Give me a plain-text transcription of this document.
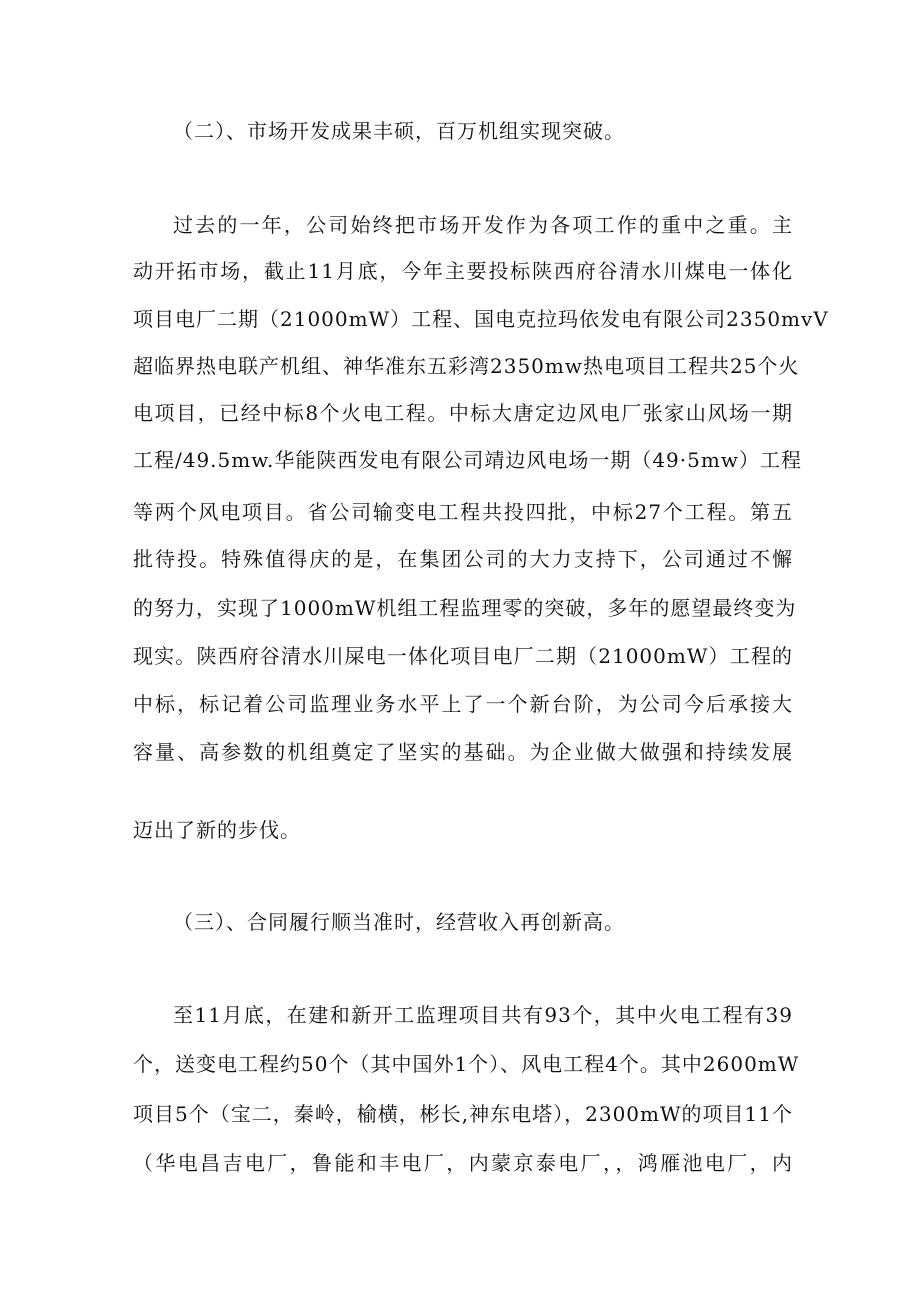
（二）、市场开发成果丰硕，百万机组实现突破。
过去的一年，公司始终把市场开发作为各项工作的重中之重。主
动开拓市场，截止11月底，今年主要投标陕西府谷清水川煤电一体化
项目电厂二期（21000mW）工程、国电克拉玛依发电有限公司2350mvV
超临界热电联产机组、神华准东五彩湾2350mw热电项目工程共25个火
电项目，已经中标8个火电工程。中标大唐定边风电厂张家山风场一期
工程/49.5mw.华能陕西发电有限公司靖边风电场一期（49·5mw）工程
等两个风电项目。省公司输变电工程共投四批，中标27个工程。第五
批待投。特殊值得庆的是，在集团公司的大力支持下，公司通过不懈
的努力，实现了1000mW机组工程监理零的突破，多年的愿望最终变为
现实。陕西府谷清水川屎电一体化项目电厂二期（21000mW）工程的
中标，标记着公司监理业务水平上了一个新台阶，为公司今后承接大
容量、高参数的机组奠定了坚实的基础。为企业做大做强和持续发展
迈出了新的步伐。
（三）、合同履行顺当准时，经营收入再创新高。
至11月底，在建和新开工监理项目共有93个，其中火电工程有39
个，送变电工程约50个（其中国外1个）、风电工程4个。其中2600mW
项目5个（宝二，秦岭，榆横，彬长,神东电塔），2300mW的项目11个
（华电昌吉电厂，鲁能和丰电厂，内蒙京泰电厂，，鸿雁池电厂，内
